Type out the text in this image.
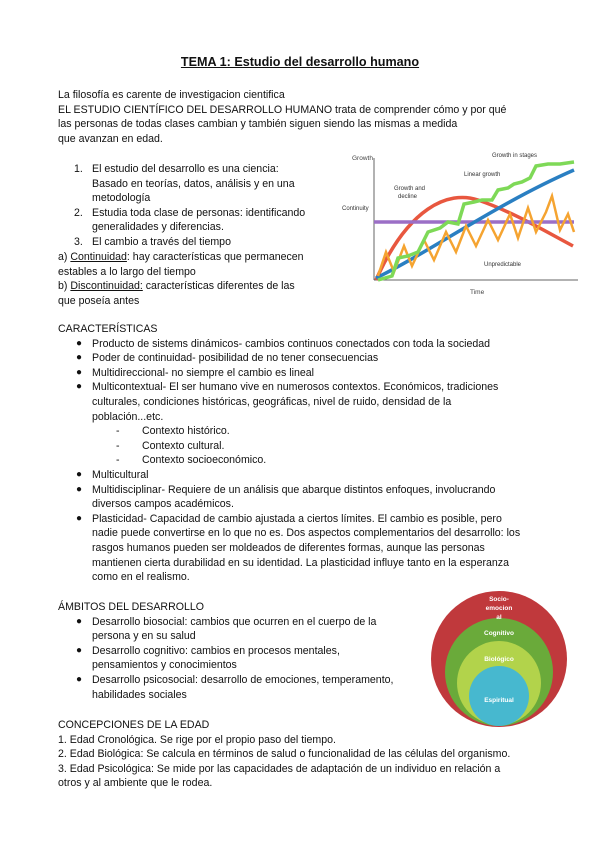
TEMA 1: Estudio del desarrollo humano
La filosofía es carente de investigacion cientifica
EL ESTUDIO CIENTÍFICO DEL DESARROLLO HUMANO trata de comprender cómo y por qué
las personas de todas clases cambian y también siguen siendo las mismas a medida
que avanzan en edad.
1. El estudio del desarrollo es una ciencia:
Basado en teorías, datos, análisis y en una
metodología
2. Estudia toda clase de personas: identificando
generalidades y diferencias.
3. El cambio a través del tiempo
a) Continuidad: hay características que permanecen
estables a lo largo del tiempo
b) Discontinuidad: características diferentes de las
que poseía antes
Growth
Time
Growth in stages
Linear growth
Growth and
decline
Continuity
Unpredictable
CARACTERÍSTICAS
● Producto de sistems dinámicos- cambios continuos conectados con toda la sociedad
● Poder de continuidad- posibilidad de no tener consecuencias
● Multidireccional- no siempre el cambio es lineal
● Multicontextual- El ser humano vive en numerosos contextos. Económicos, tradiciones
culturales, condiciones históricas, geográficas, nivel de ruido, densidad de la
población...etc.
- Contexto histórico.
- Contexto cultural.
- Contexto socioeconómico.
● Multicultural
● Multidisciplinar- Requiere de un análisis que abarque distintos enfoques, involucrando
diversos campos académicos.
● Plasticidad- Capacidad de cambio ajustada a ciertos límites. El cambio es posible, pero
nadie puede convertirse en lo que no es. Dos aspectos complementarios del desarrollo: los
rasgos humanos pueden ser moldeados de diferentes formas, aunque las personas
mantienen cierta durabilidad en su identidad. La plasticidad influye tanto en la esperanza
como en el realismo.
ÁMBITOS DEL DESARROLLO
● Desarrollo biosocial: cambios que ocurren en el cuerpo de la
persona y en su salud
● Desarrollo cognitivo: cambios en procesos mentales,
pensamientos y conocimientos
● Desarrollo psicosocial: desarrollo de emociones, temperamento,
habilidades sociales
Socio-
emocion
al
Cognitivo
Biológico
Espiritual
CONCEPCIONES DE LA EDAD
1. Edad Cronológica. Se rige por el propio paso del tiempo.
2. Edad Biológica: Se calcula en términos de salud o funcionalidad de las células del organismo.
3. Edad Psicológica: Se mide por las capacidades de adaptación de un individuo en relación a
otros y al ambiente que le rodea.
